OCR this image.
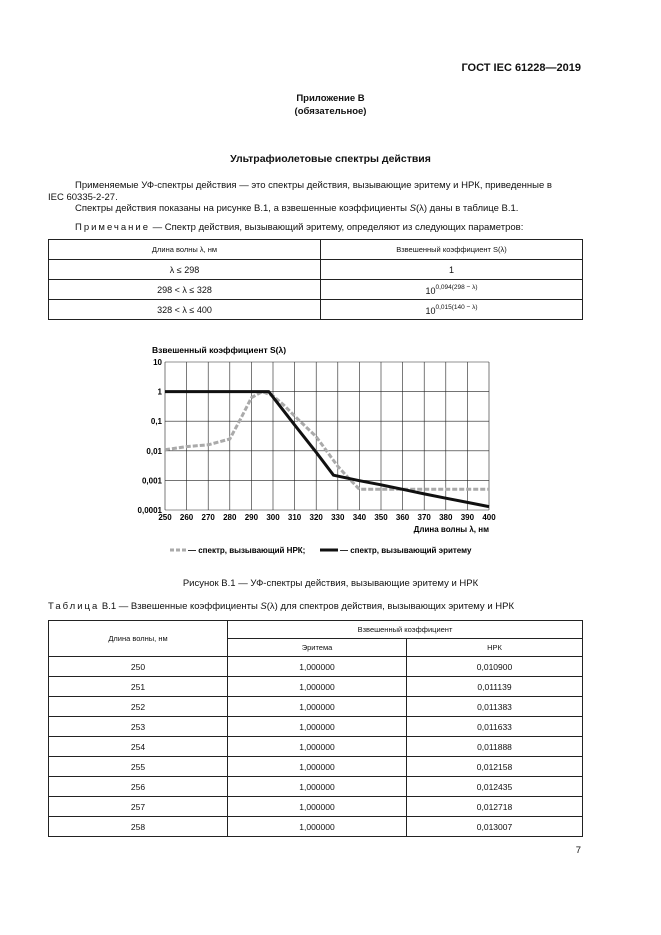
ГОСТ IEC 61228—2019
Приложение В
(обязательное)
Ультрафиолетовые спектры действия
Применяемые УФ-спектры действия — это спектры действия, вызывающие эритему и НРК, приведенные в
IEC 60335-2-27.
Спектры действия показаны на рисунке В.1, а взвешенные коэффициенты S(λ) даны в таблице В.1.
Примечание — Спектр действия, вызывающий эритему, определяют из следующих параметров:
Длина волны λ, нм	Взвешенный коэффициент S(λ)
λ ≤ 298	1
298 < λ ≤ 328	$10^{0,094(298 - \lambda)}$
328 < λ ≤ 400	$10^{0,015(140 - \lambda)}$
Взвешенный коэффициент S(λ)
250 260 270 280 290 300 310 320 330 340 350 360 370 380 390 400
10
1
0,1
0,01
0,001
0,0001
Длина волны λ, нм
— спектр, вызывающий НРК;	— спектр, вызывающий эритему
Рисунок В.1 — УФ-спектры действия, вызывающие эритему и НРК
Таблица В.1 — Взвешенные коэффициенты S(λ) для спектров действия, вызывающих эритему и НРК
Длина волны, нм	Взвешенный коэффициент	
	Эритема	НРК
250	1,000000	0,010900
251	1,000000	0,011139
252	1,000000	0,011383
253	1,000000	0,011633
254	1,000000	0,011888
255	1,000000	0,012158
256	1,000000	0,012435
257	1,000000	0,012718
258	1,000000	0,013007
7
